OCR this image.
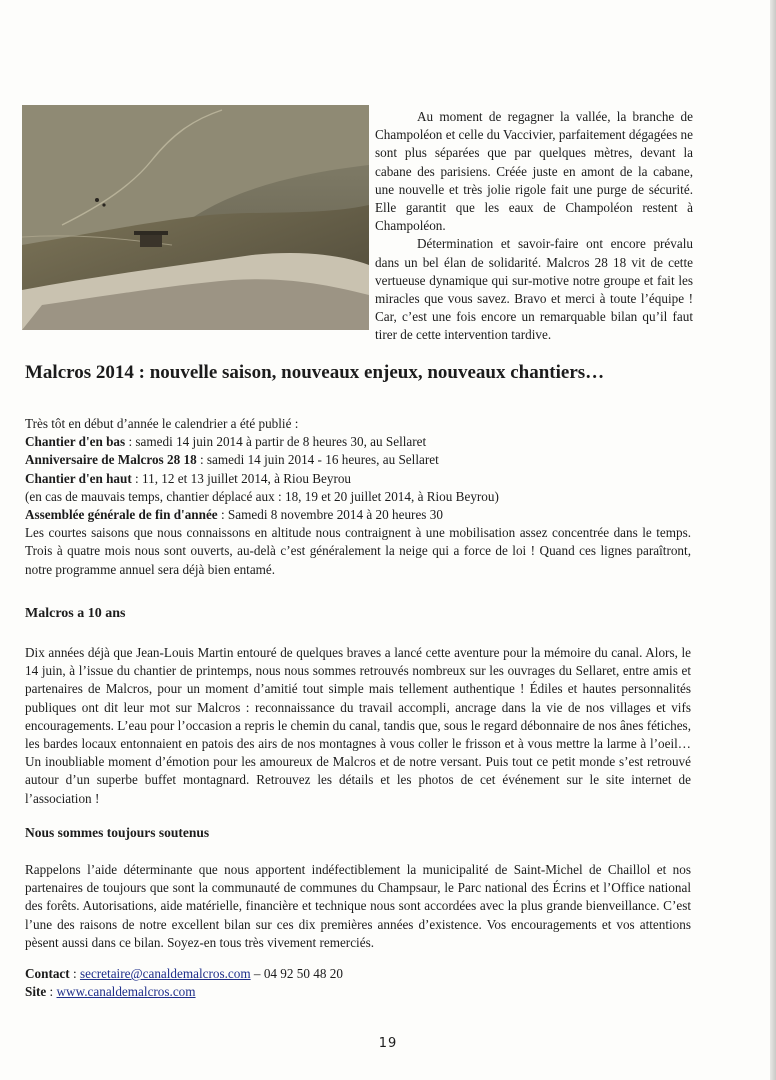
Au moment de regagner la vallée, la branche de Champoléon et celle du Vaccivier, parfaitement dégagées ne sont plus séparées que par quelques mètres, devant la cabane des parisiens. Créée juste en amont de la cabane, une nouvelle et très jolie rigole fait une purge de sécurité. Elle garantit que les eaux de Champoléon restent à Champoléon.

Détermination et savoir-faire ont encore prévalu dans un bel élan de solidarité. Malcros 28 18 vit de cette vertueuse dynamique qui sur-motive notre groupe et fait les miracles que vous savez. Bravo et merci à toute l’équipe ! Car, c’est une fois encore un remarquable bilan qu’il faut tirer de cette intervention tardive.

Malcros 2014 : nouvelle saison, nouveaux enjeux, nouveaux chantiers…
Très tôt en début d’année le calendrier a été publié :
Chantier d'en bas : samedi 14 juin 2014 à partir de 8 heures 30, au Sellaret
Anniversaire de Malcros 28 18 : samedi 14 juin 2014 - 16 heures, au Sellaret
Chantier d'en haut : 11, 12 et 13 juillet 2014, à Riou Beyrou
(en cas de mauvais temps, chantier déplacé aux : 18, 19 et 20 juillet 2014, à Riou Beyrou)
Assemblée générale de fin d'année : Samedi 8 novembre 2014 à 20 heures 30
Les courtes saisons que nous connaissons en altitude nous contraignent à une mobilisation assez concentrée dans le temps. Trois à quatre mois nous sont ouverts, au-delà c’est généralement la neige qui a force de loi ! Quand ces lignes paraîtront, notre programme annuel sera déjà bien entamé.
Malcros a 10 ans
Dix années déjà que Jean-Louis Martin entouré de quelques braves a lancé cette aventure pour la mémoire du canal. Alors, le 14 juin, à l’issue du chantier de printemps, nous nous sommes retrouvés nombreux sur les ouvrages du Sellaret, entre amis et partenaires de Malcros, pour un moment d’amitié tout simple mais tellement authentique ! Édiles et hautes personnalités publiques ont dit leur mot sur Malcros : reconnaissance du travail accompli, ancrage dans la vie de nos villages et vifs encouragements. L’eau pour l’occasion a repris le chemin du canal, tandis que, sous le regard débonnaire de nos ânes fétiches, les bardes locaux entonnaient en patois des airs de nos montagnes à vous coller le frisson et à vous mettre la larme à l’oeil… Un inoubliable moment d’émotion pour les amoureux de Malcros et de notre versant. Puis tout ce petit monde s’est retrouvé autour d’un superbe buffet montagnard. Retrouvez les détails et les photos de cet événement sur le site internet de l’association !
Nous sommes toujours soutenus
Rappelons l’aide déterminante que nous apportent indéfectiblement la municipalité de Saint-Michel de Chaillol et nos partenaires de toujours que sont la communauté de communes du Champsaur, le Parc national des Écrins et l’Office national des forêts. Autorisations, aide matérielle, financière et technique nous sont accordées avec la plus grande bienveillance. C’est l’une des raisons de notre excellent bilan sur ces dix premières années d’existence. Vos encouragements et vos attentions pèsent aussi dans ce bilan. Soyez-en tous très vivement remerciés.
Contact : secretaire@canaldemalcros.com – 04 92 50 48 20
Site : www.canaldemalcros.com
19
